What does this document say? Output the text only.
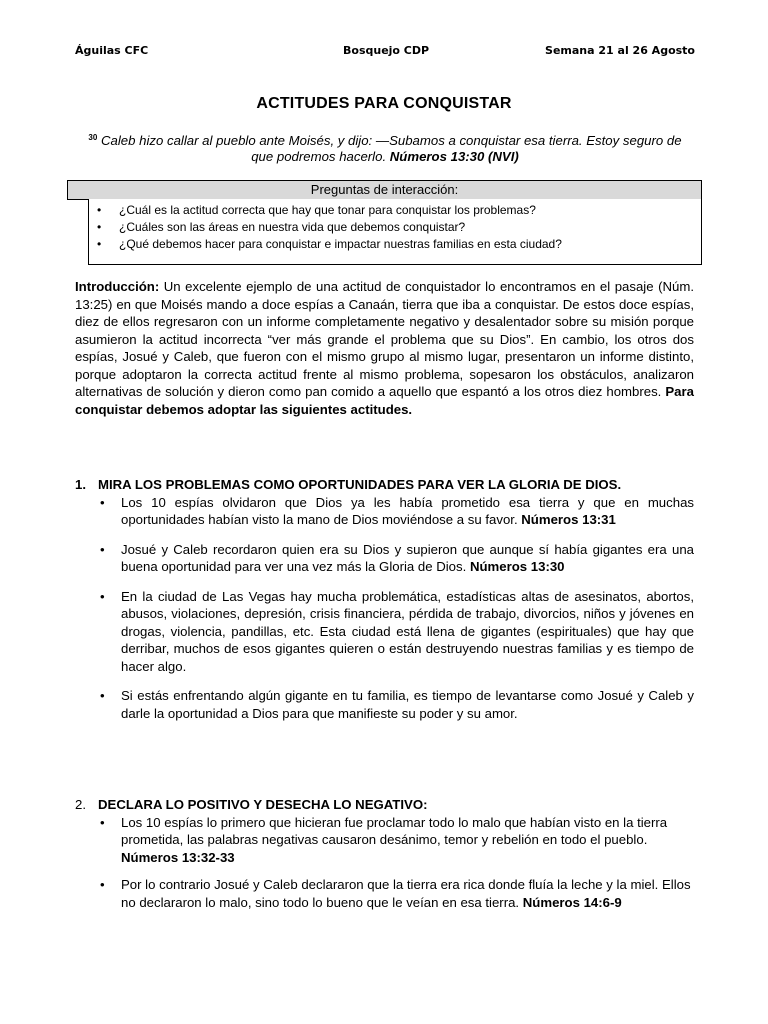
Águilas CFC	Bosquejo CDP	Semana 21 al 26 Agosto
ACTITUDES PARA CONQUISTAR
$^{30}$ Caleb hizo callar al pueblo ante Moisés, y dijo: —Subamos a conquistar esa tierra. Estoy seguro de que podremos hacerlo. Números 13:30 (NVI)
Preguntas de interacción:
• ¿Cuál es la actitud correcta que hay que tonar para conquistar los problemas?
• ¿Cuáles son las áreas en nuestra vida que debemos conquistar?
• ¿Qué debemos hacer para conquistar e impactar nuestras familias en esta ciudad?
Introducción: Un excelente ejemplo de una actitud de conquistador lo encontramos en el pasaje (Núm. 13:25) en que Moisés mando a doce espías a Canaán, tierra que iba a conquistar. De estos doce espías, diez de ellos regresaron con un informe completamente negativo y desalentador sobre su misión porque asumieron la actitud incorrecta “ver más grande el problema que su Dios”. En cambio, los otros dos espías, Josué y Caleb, que fueron con el mismo grupo al mismo lugar, presentaron un informe distinto, porque adoptaron la correcta actitud frente al mismo problema, sopesaron los obstáculos, analizaron alternativas de solución y dieron como pan comido a aquello que espantó a los otros diez hombres. Para conquistar debemos adoptar las siguientes actitudes.
1. MIRA LOS PROBLEMAS COMO OPORTUNIDADES PARA VER LA GLORIA DE DIOS.
• Los 10 espías olvidaron que Dios ya les había prometido esa tierra y que en muchas oportunidades habían visto la mano de Dios moviéndose a su favor. Números 13:31
• Josué y Caleb recordaron quien era su Dios y supieron que aunque sí había gigantes era una buena oportunidad para ver una vez más la Gloria de Dios. Números 13:30
• En la ciudad de Las Vegas hay mucha problemática, estadísticas altas de asesinatos, abortos, abusos, violaciones, depresión, crisis financiera, pérdida de trabajo, divorcios, niños y jóvenes en drogas, violencia, pandillas, etc. Esta ciudad está llena de gigantes (espirituales) que hay que derribar, muchos de esos gigantes quieren o están destruyendo nuestras familias y es tiempo de hacer algo.
• Si estás enfrentando algún gigante en tu familia, es tiempo de levantarse como Josué y Caleb y darle la oportunidad a Dios para que manifieste su poder y su amor.
2. DECLARA LO POSITIVO Y DESECHA LO NEGATIVO:
• Los 10 espías lo primero que hicieran fue proclamar todo lo malo que habían visto en la tierra prometida, las palabras negativas causaron desánimo, temor y rebelión en todo el pueblo. Números 13:32-33
• Por lo contrario Josué y Caleb declararon que la tierra era rica donde fluía la leche y la miel. Ellos no declararon lo malo, sino todo lo bueno que le veían en esa tierra. Números 14:6-9
